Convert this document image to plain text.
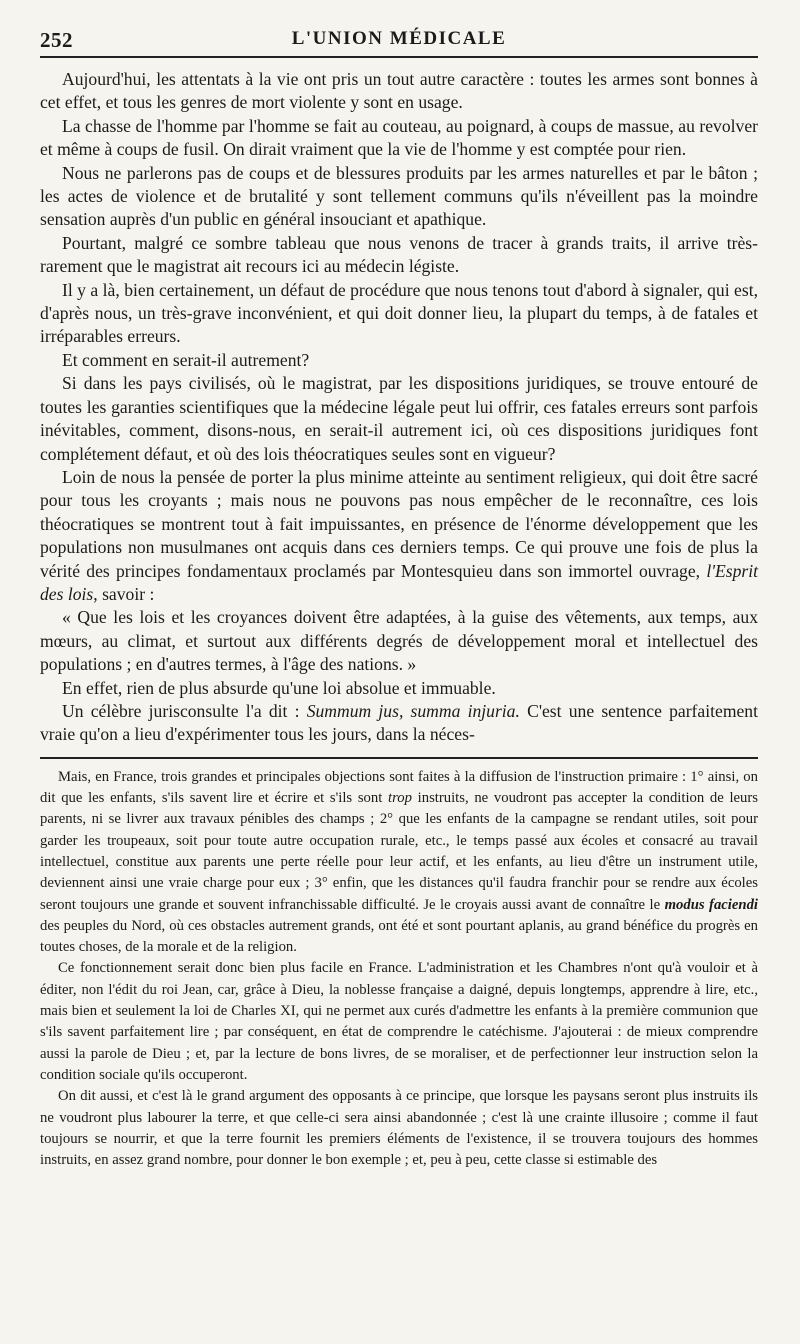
252	L'UNION MÉDICALE

Aujourd'hui, les attentats à la vie ont pris un tout autre caractère : toutes les armes sont bonnes à cet effet, et tous les genres de mort violente y sont en usage.

La chasse de l'homme par l'homme se fait au couteau, au poignard, à coups de massue, au revolver et même à coups de fusil. On dirait vraiment que la vie de l'homme y est comptée pour rien.

Nous ne parlerons pas de coups et de blessures produits par les armes naturelles et par le bâton ; les actes de violence et de brutalité y sont tellement communs qu'ils n'éveillent pas la moindre sensation auprès d'un public en général insouciant et apathique.

Pourtant, malgré ce sombre tableau que nous venons de tracer à grands traits, il arrive très-rarement que le magistrat ait recours ici au médecin légiste.

Il y a là, bien certainement, un défaut de procédure que nous tenons tout d'abord à signaler, qui est, d'après nous, un très-grave inconvénient, et qui doit donner lieu, la plupart du temps, à de fatales et irréparables erreurs.

Et comment en serait-il autrement?

Si dans les pays civilisés, où le magistrat, par les dispositions juridiques, se trouve entouré de toutes les garanties scientifiques que la médecine légale peut lui offrir, ces fatales erreurs sont parfois inévitables, comment, disons-nous, en serait-il autrement ici, où ces dispositions juridiques font complétement défaut, et où des lois théocratiques seules sont en vigueur?

Loin de nous la pensée de porter la plus minime atteinte au sentiment religieux, qui doit être sacré pour tous les croyants ; mais nous ne pouvons pas nous empêcher de le reconnaître, ces lois théocratiques se montrent tout à fait impuissantes, en présence de l'énorme développement que les populations non musulmanes ont acquis dans ces derniers temps. Ce qui prouve une fois de plus la vérité des principes fondamentaux proclamés par Montesquieu dans son immortel ouvrage, l'Esprit des lois, savoir :

« Que les lois et les croyances doivent être adaptées, à la guise des vêtements, aux temps, aux mœurs, au climat, et surtout aux différents degrés de développement moral et intellectuel des populations ; en d'autres termes, à l'âge des nations. »

En effet, rien de plus absurde qu'une loi absolue et immuable.

Un célèbre jurisconsulte l'a dit : Summum jus, summa injuria. C'est une sentence parfaitement vraie qu'on a lieu d'expérimenter tous les jours, dans la néces-

Mais, en France, trois grandes et principales objections sont faites à la diffusion de l'instruction primaire : 1° ainsi, on dit que les enfants, s'ils savent lire et écrire et s'ils sont trop instruits, ne voudront pas accepter la condition de leurs parents, ni se livrer aux travaux pénibles des champs ; 2° que les enfants de la campagne se rendant utiles, soit pour garder les troupeaux, soit pour toute autre occupation rurale, etc., le temps passé aux écoles et consacré au travail intellectuel, constitue aux parents une perte réelle pour leur actif, et les enfants, au lieu d'être un instrument utile, deviennent ainsi une vraie charge pour eux ; 3° enfin, que les distances qu'il faudra franchir pour se rendre aux écoles seront toujours une grande et souvent infranchissable difficulté. Je le croyais aussi avant de connaître le modus faciendi des peuples du Nord, où ces obstacles autrement grands, ont été et sont pourtant aplanis, au grand bénéfice du progrès en toutes choses, de la morale et de la religion.

Ce fonctionnement serait donc bien plus facile en France. L'administration et les Chambres n'ont qu'à vouloir et à éditer, non l'édit du roi Jean, car, grâce à Dieu, la noblesse française a daigné, depuis longtemps, apprendre à lire, etc., mais bien et seulement la loi de Charles XI, qui ne permet aux curés d'admettre les enfants à la première communion que s'ils savent parfaitement lire ; par conséquent, en état de comprendre le catéchisme. J'ajouterai : de mieux comprendre aussi la parole de Dieu ; et, par la lecture de bons livres, de se moraliser, et de perfectionner leur instruction selon la condition sociale qu'ils occuperont.

On dit aussi, et c'est là le grand argument des opposants à ce principe, que lorsque les paysans seront plus instruits ils ne voudront plus labourer la terre, et que celle-ci sera ainsi abandonnée ; c'est là une crainte illusoire ; comme il faut toujours se nourrir, et que la terre fournit les premiers éléments de l'existence, il se trouvera toujours des hommes instruits, en assez grand nombre, pour donner le bon exemple ; et, peu à peu, cette classe si estimable des
